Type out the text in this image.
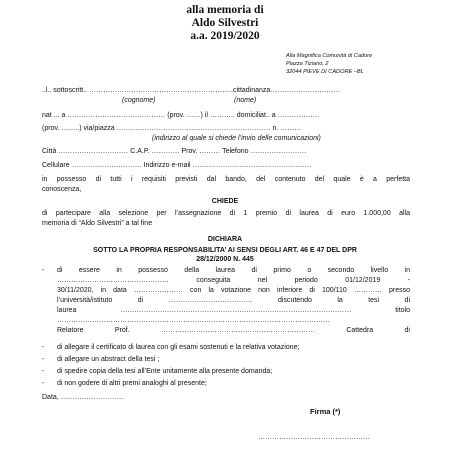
alla memoria di
Aldo Silvestri
a.a. 2019/2020
Alla Magnifica Comunità di Cadore
Piazza Tiziano, 2
32044 PIEVE DI CADORE –BL
..l.. sottoscritt.. ……………………………………………………..cittadinanza…………………………
(cognome)	(nome)
nat ... a …………………………………… (prov. ……) il ……….. domiciliat.. a ………………
(prov. ……..) via/piazza ………………………………………………………… n. ………
(indirizzo al quale si chiede l’invio delle comunicazioni)
Città ………………………… C.A.P. ………… Prov. ……… Telefono ……………………
Cellulare ………………………… Indirizzo e-mail ……………………………………………
in possesso di tutti i requisiti previsti dal bando, del contenuto del quale è a perfetta
conoscenza,
CHIEDE
di partecipare alla selezione per l’assegnazione di 1 premio di laurea di euro 1.000,00 alla
memoria di “Aldo Silvestri” a tal fine
DICHIARA
SOTTO LA PROPRIA RESPONSABILITA’ AI SENSI DEGLI ART. 46 E 47 DEL DPR
28/12/2000 N. 445
- di essere in possesso della laurea di primo o secondo livello in
………………………………………… conseguita nel periodo 01/12/2019 -
30/11/2020, in data ………………… con la votazione non inferiore di 100/110 ………… presso
l’università/istituto di ……………………………… discutendo la tesi di
laurea ……………………………………………………………………………………… titolo
………………………………………………………………………………………………………
Relatore Prof. ………………………………………………………… Cattedra di
- di allegare il certificato di laurea con gli esami sostenuti e la relativa votazione;
- di allegare un abstract della tesi ;
- di spedire copia della tesi all’Ente unitamente alla presente domanda;
- di non godere di altri premi analoghi al presente;
Data, ………………………
Firma (*)
…………………………………………
